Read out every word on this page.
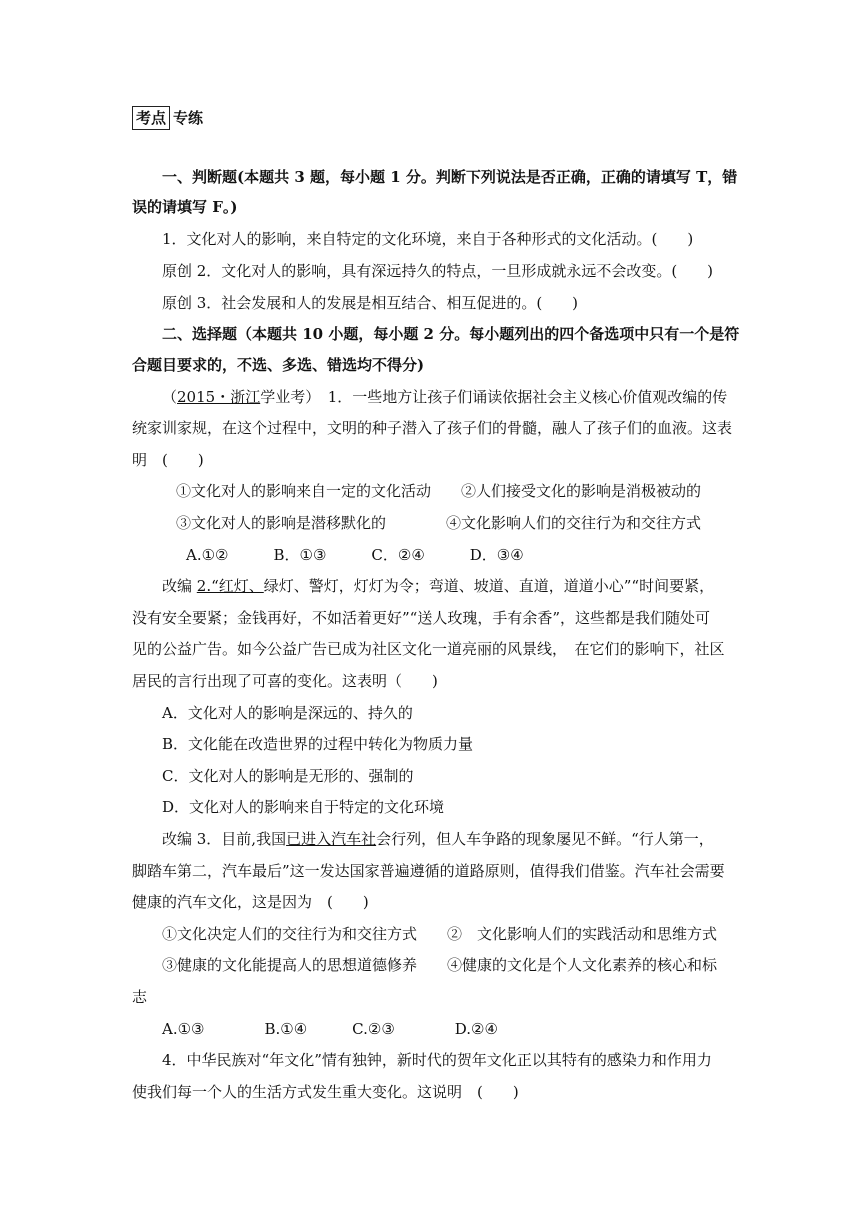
考点 专练
一、判断题(本题共 3 题，每小题 1 分。判断下列说法是否正确，正确的请填写 T，错
误的请填写 F。)
1．文化对人的影响，来自特定的文化环境，来自于各种形式的文化活动。(　　)
原创 2．文化对人的影响，具有深远持久的特点，一旦形成就永远不会改变。(　　)
原创 3．社会发展和人的发展是相互结合、相互促进的。(　　)
二、选择题（本题共 10 小题，每小题 2 分。每小题列出的四个备选项中只有一个是符
合题目要求的，不选、多选、错选均不得分)
（2015・浙江学业考）　1．一些地方让孩子们诵读依据社会主义核心价值观改编的传
统家训家规，在这个过程中，文明的种子潜入了孩子们的骨髓，融人了孩子们的血液。这表
明　(　　)
①文化对人的影响来自一定的文化活动　　②人们接受文化的影响是消极被动的
③文化对人的影响是潜移默化的　　　　④文化影响人们的交往行为和交往方式
A.①②　　　B．①③　　　C．②④　　　D．③④
改编 2.“红灯、绿灯、警灯，灯灯为令；弯道、坡道、直道，道道小心”“时间要紧，
没有安全要紧；金钱再好，不如活着更好”“送人玫瑰，手有余香”，这些都是我们随处可
见的公益广告。如今公益广告已成为社区文化一道亮丽的风景线，　在它们的影响下，社区
居民的言行出现了可喜的变化。这表明（　　)
A．文化对人的影响是深远的、持久的
B．文化能在改造世界的过程中转化为物质力量
C．文化对人的影响是无形的、强制的
D．文化对人的影响来自于特定的文化环境
改编 3．目前,我国已进入汽车社会行列，但人车争路的现象屡见不鲜。“行人第一，
脚踏车第二，汽车最后”这一发达国家普遍遵循的道路原则，值得我们借鉴。汽车社会需要
健康的汽车文化，这是因为　(　　)
①文化决定人们的交往行为和交往方式　　②　文化影响人们的实践活动和思维方式
③健康的文化能提高人的思想道德修养　　④健康的文化是个人文化素养的核心和标
志
A.①③　　　　B.①④　　　C.②③　　　　D.②④
4．中华民族对“年文化”情有独钟，新时代的贺年文化正以其特有的感染力和作用力
使我们每一个人的生活方式发生重大变化。这说明　(　　)
